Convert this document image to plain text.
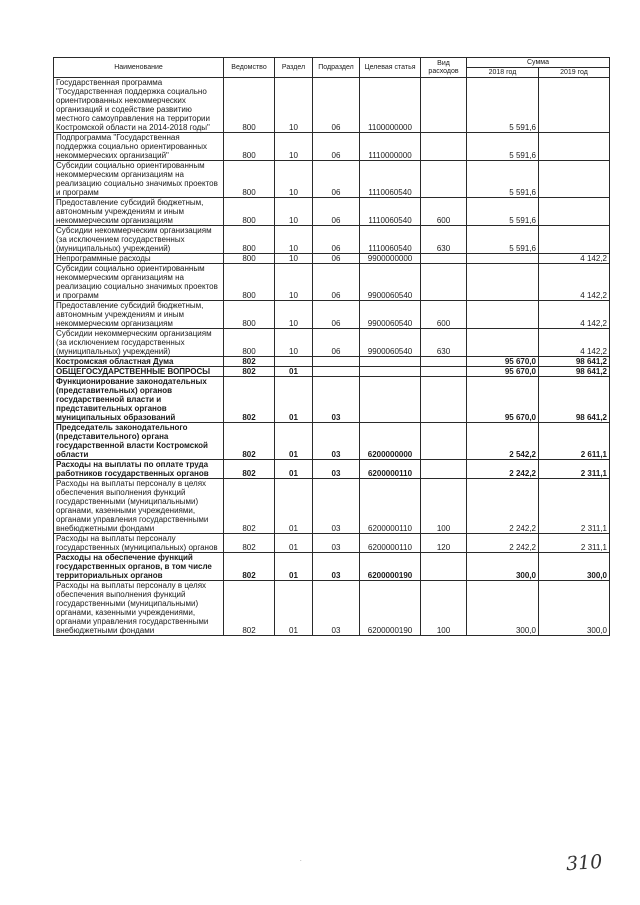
Наименование	Ведомство	Раздел	Подраздел	Целевая статья	Вид расходов	Сумма	
						2018 год	2019 год
Государственная программа "Государственная поддержка социально ориентированных некоммерческих организаций и содействие развитию местного самоуправления на территории Костромской области на 2014-2018 годы"	800	10	06	1100000000		5 591,6	
Подпрограмма "Государственная поддержка социально ориентированных некоммерческих организаций"	800	10	06	1110000000		5 591,6	
Субсидии социально ориентированным некоммерческим организациям на реализацию социально значимых проектов и программ	800	10	06	1110060540		5 591,6	
Предоставление субсидий бюджетным, автономным учреждениям и иным некоммерческим организациям	800	10	06	1110060540	600	5 591,6	
Субсидии некоммерческим организациям (за исключением государственных (муниципальных) учреждений)	800	10	06	1110060540	630	5 591,6	
Непрограммные расходы	800	10	06	9900000000			4 142,2
Субсидии социально ориентированным некоммерческим организациям на реализацию социально значимых проектов и программ	800	10	06	9900060540			4 142,2
Предоставление субсидий бюджетным, автономным учреждениям и иным некоммерческим организациям	800	10	06	9900060540	600		4 142,2
Субсидии некоммерческим организациям (за исключением государственных (муниципальных) учреждений)	800	10	06	9900060540	630		4 142,2
Костромская областная Дума	802					95 670,0	98 641,2
ОБЩЕГОСУДАРСТВЕННЫЕ ВОПРОСЫ	802	01				95 670,0	98 641,2
Функционирование законодательных (представительных) органов государственной власти и представительных органов муниципальных образований	802	01	03			95 670,0	98 641,2
Председатель законодательного (представительного) органа государственной власти Костромской области	802	01	03	6200000000		2 542,2	2 611,1
Расходы на выплаты по оплате труда работников государственных органов	802	01	03	6200000110		2 242,2	2 311,1
Расходы на выплаты персоналу в целях обеспечения выполнения функций государственными (муниципальными) органами, казенными учреждениями, органами управления государственными внебюджетными фондами	802	01	03	6200000110	100	2 242,2	2 311,1
Расходы на выплаты персоналу государственных (муниципальных) органов	802	01	03	6200000110	120	2 242,2	2 311,1
Расходы на обеспечение функций государственных органов, в том числе территориальных органов	802	01	03	6200000190		300,0	300,0
Расходы на выплаты персоналу в целях обеспечения выполнения функций государственными (муниципальными) органами, казенными учреждениями, органами управления государственными внебюджетными фондами	802	01	03	6200000190	100	300,0	300,0
310
.
